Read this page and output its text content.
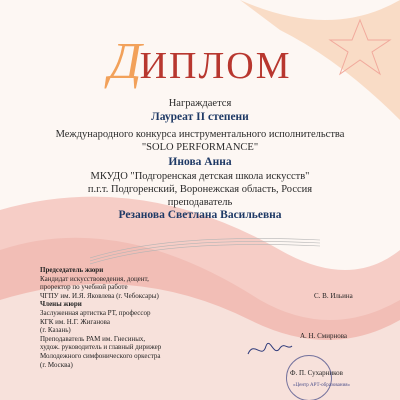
ДИПЛОМ
Награждается
Лауреат II степени
Международного конкурса инструментального исполнительства
"SOLO PERFORMANCE"
Инова Анна
МКУДО "Подгоренская детская школа искусств"
п.г.т. Подгоренский, Воронежская область, Россия
преподаватель
Резанова Светлана Васильевна
Председатель жюри
Кандидат искусствоведения, доцент,
проректор по учебной работе
ЧГПУ им. И.Я. Яковлева (г. Чебоксары)
Члены жюри
Заслуженная артистка РТ, профессор
КГК им. Н.Г. Жиганова
(г. Казань)
Преподаватель РАМ им. Гнесиных,
худож. руководитель и главный дирижер
Молодежного симфонического оркестра
(г. Москва)
С. В. Ильина
А. Н. Смирнова
Ф. П. Сухарников
«Центр АРТ-образования»
